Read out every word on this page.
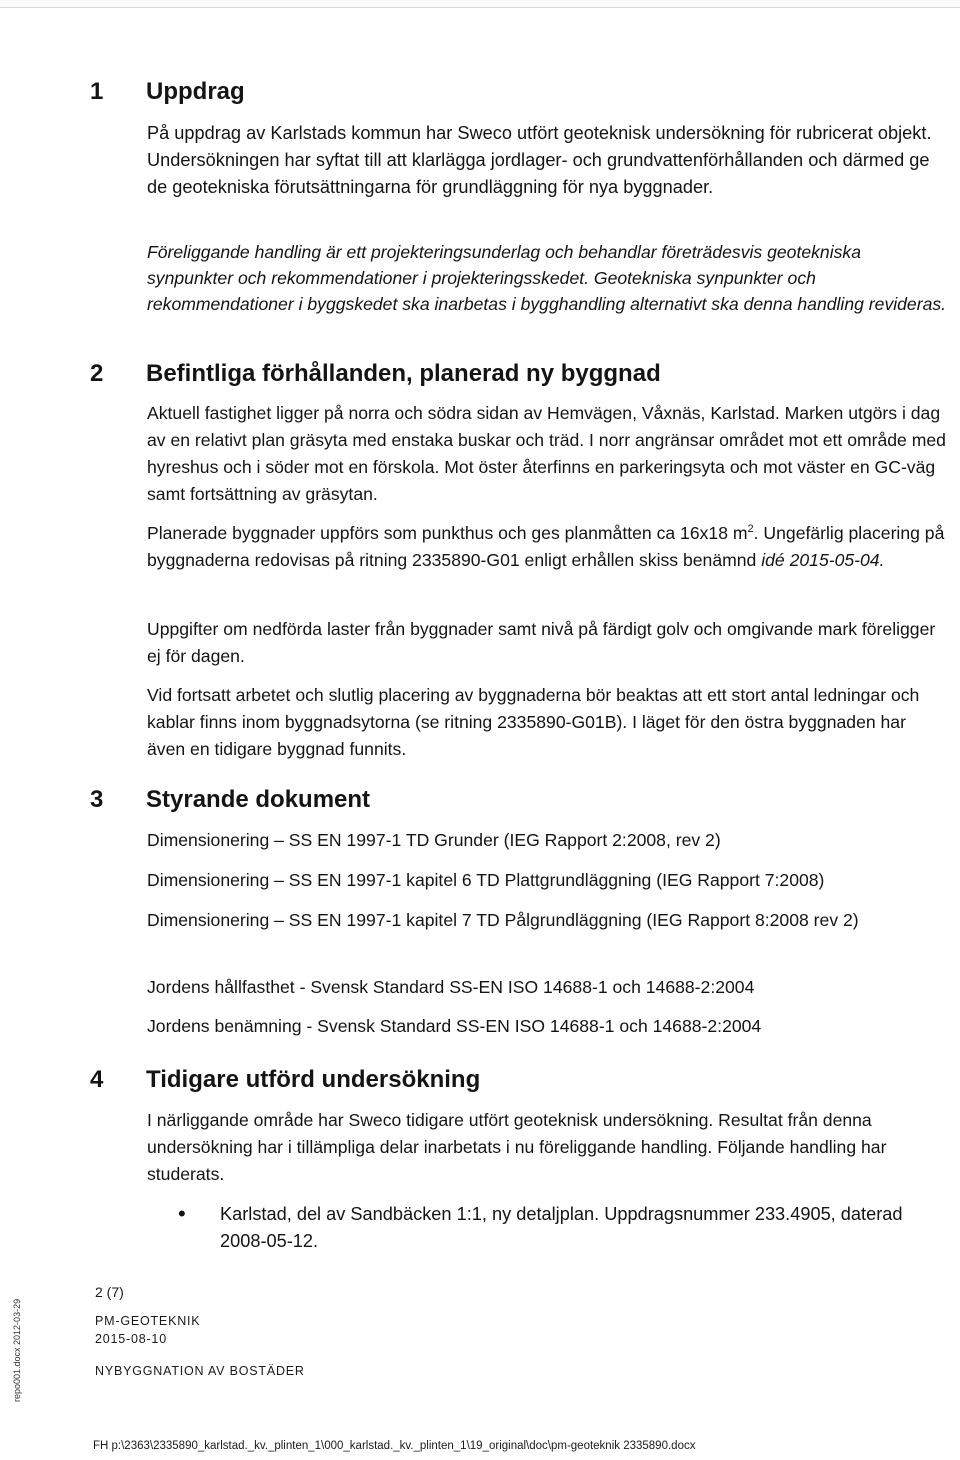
1 Uppdrag
På uppdrag av Karlstads kommun har Sweco utfört geoteknisk undersökning för rubricerat objekt. Undersökningen har syftat till att klarlägga jordlager- och grundvattenförhållanden och därmed ge de geotekniska förutsättningarna för grundläggning för nya byggnader.
Föreliggande handling är ett projekteringsunderlag och behandlar företrädesvis geotekniska synpunkter och rekommendationer i projekteringsskedet. Geotekniska synpunkter och rekommendationer i byggskedet ska inarbetas i bygghandling alternativt ska denna handling revideras.
2 Befintliga förhållanden, planerad ny byggnad
Aktuell fastighet ligger på norra och södra sidan av Hemvägen, Våxnäs, Karlstad. Marken utgörs i dag av en relativt plan gräsyta med enstaka buskar och träd. I norr angränsar området mot ett område med hyreshus och i söder mot en förskola. Mot öster återfinns en parkeringsyta och mot väster en GC-väg samt fortsättning av gräsytan.
Planerade byggnader uppförs som punkthus och ges planmåtten ca 16x18 $m^2$. Ungefärlig placering på byggnaderna redovisas på ritning 2335890-G01 enligt erhållen skiss benämnd idé 2015-05-04.
Uppgifter om nedförda laster från byggnader samt nivå på färdigt golv och omgivande mark föreligger ej för dagen.
Vid fortsatt arbetet och slutlig placering av byggnaderna bör beaktas att ett stort antal ledningar och kablar finns inom byggnadsytorna (se ritning 2335890-G01B). I läget för den östra byggnaden har även en tidigare byggnad funnits.
3 Styrande dokument
Dimensionering – SS EN 1997-1 TD Grunder (IEG Rapport 2:2008, rev 2)
Dimensionering – SS EN 1997-1 kapitel 6 TD Plattgrundläggning (IEG Rapport 7:2008)
Dimensionering – SS EN 1997-1 kapitel 7 TD Pålgrundläggning (IEG Rapport 8:2008 rev 2)
Jordens hållfasthet - Svensk Standard SS-EN ISO 14688-1 och 14688-2:2004
Jordens benämning - Svensk Standard SS-EN ISO 14688-1 och 14688-2:2004
4 Tidigare utförd undersökning
I närliggande område har Sweco tidigare utfört geoteknisk undersökning. Resultat från denna undersökning har i tillämpliga delar inarbetats i nu föreliggande handling. Följande handling har studerats.
• Karlstad, del av Sandbäcken 1:1, ny detaljplan. Uppdragsnummer 233.4905, daterad 2008-05-12.
repo001.docx 2012-03-29
2 (7)
PM-GEOTEKNIK
2015-08-10
NYBYGGNATION AV BOSTÄDER
FH p:\2363\2335890_karlstad._kv._plinten_1\000_karlstad._kv._plinten_1\19_original\doc\pm-geoteknik 2335890.docx
